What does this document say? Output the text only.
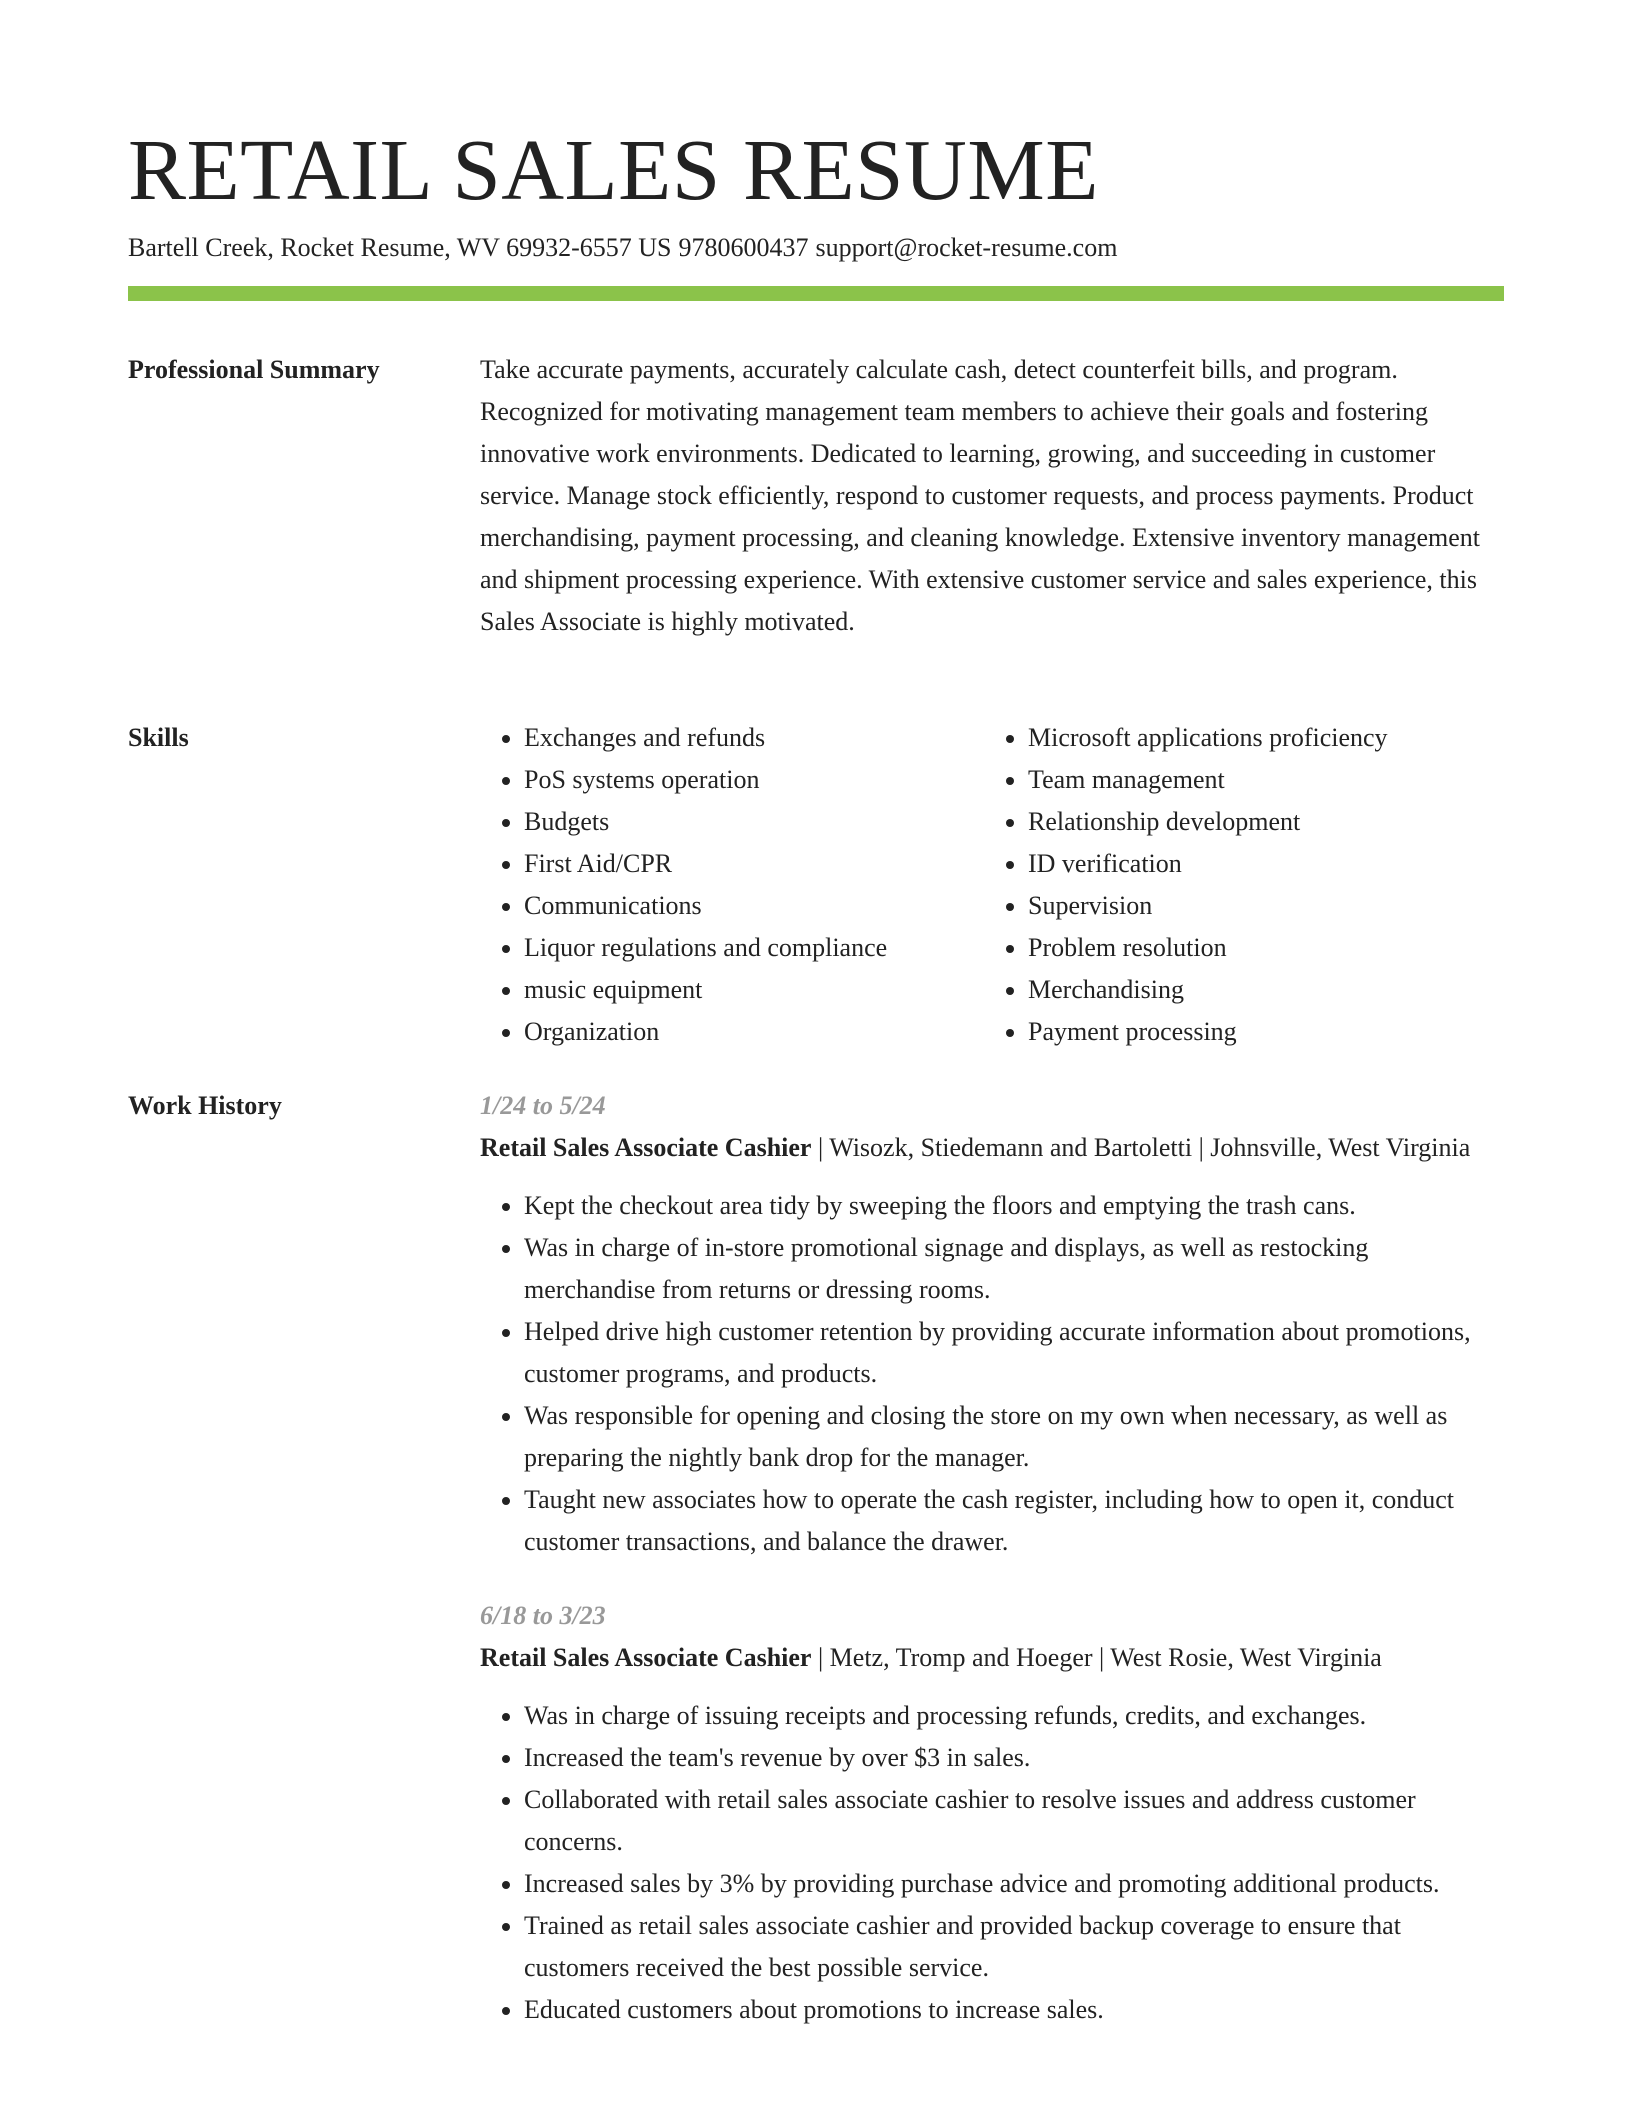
RETAIL SALES RESUME
Bartell Creek, Rocket Resume, WV 69932-6557 US 9780600437 support@rocket-resume.com
Professional Summary	Take accurate payments, accurately calculate cash, detect counterfeit bills, and program. Recognized for motivating management team members to achieve their goals and fostering innovative work environments. Dedicated to learning, growing, and succeeding in customer service. Manage stock efficiently, respond to customer requests, and process payments. Product merchandising, payment processing, and cleaning knowledge. Extensive inventory management and shipment processing experience. With extensive customer service and sales experience, this Sales Associate is highly motivated.

Skills
•	Exchanges and refunds
• PoS systems operation
• Budgets
• First Aid/CPR
• Communications
• Liquor regulations and compliance
• music equipment
• Organization
• Microsoft applications proficiency
• Team management
• Relationship development
• ID verification
• Supervision
• Problem resolution
• Merchandising
• Payment processing
Work History	1/24 to 5/24
Retail Sales Associate Cashier | Wisozk, Stiedemann and Bartoletti | Johnsville, West Virginia
• Kept the checkout area tidy by sweeping the floors and emptying the trash cans.
• Was in charge of in-store promotional signage and displays, as well as restocking merchandise from returns or dressing rooms.
• Helped drive high customer retention by providing accurate information about promotions, customer programs, and products.
• Was responsible for opening and closing the store on my own when necessary, as well as preparing the nightly bank drop for the manager.
• Taught new associates how to operate the cash register, including how to open it, conduct customer transactions, and balance the drawer.
6/18 to 3/23
Retail Sales Associate Cashier | Metz, Tromp and Hoeger | West Rosie, West Virginia
• Was in charge of issuing receipts and processing refunds, credits, and exchanges.
• Increased the team's revenue by over $3 in sales.
• Collaborated with retail sales associate cashier to resolve issues and address customer concerns.
• Increased sales by 3% by providing purchase advice and promoting additional products.
• Trained as retail sales associate cashier and provided backup coverage to ensure that customers received the best possible service.
• Educated customers about promotions to increase sales.
